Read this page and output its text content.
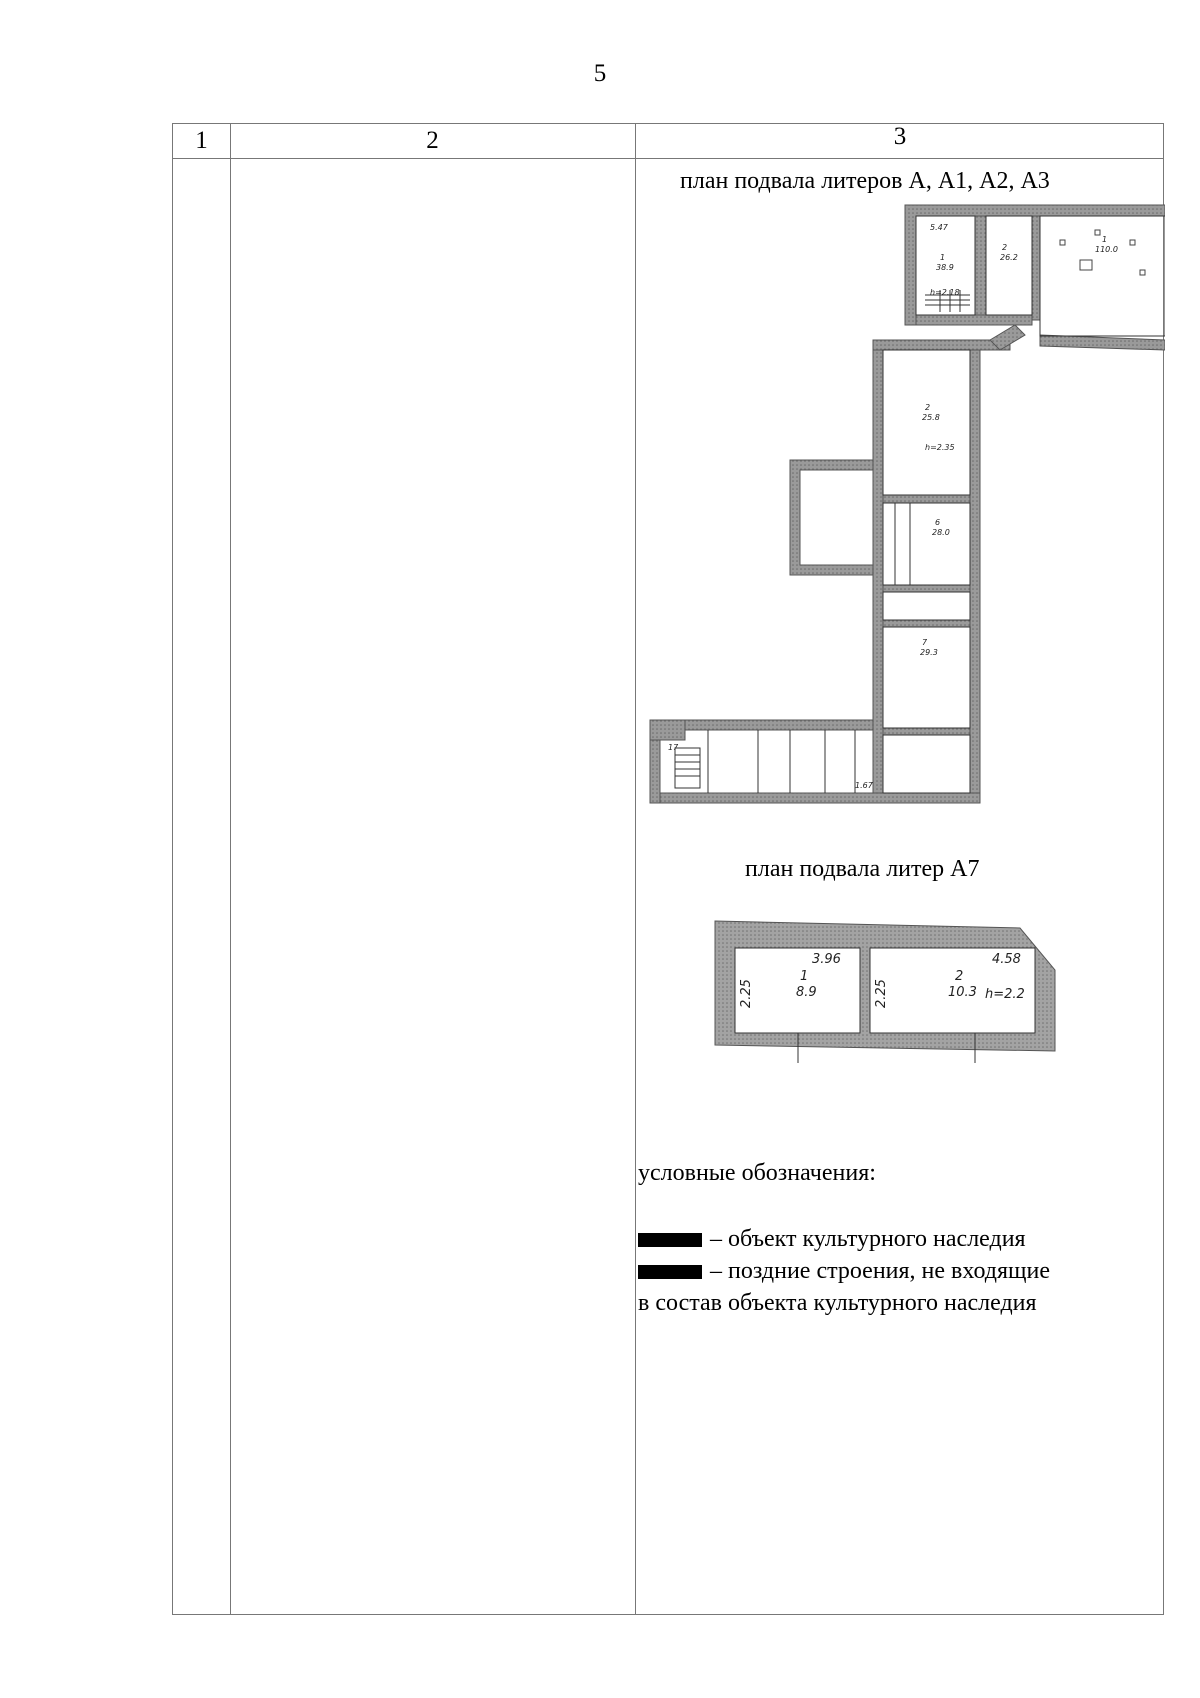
5
1	2	3
план подвала литеров А, А1, А2, А3
5.47
1
38.9
h=2.18
2
26.2
1
110.0
2
25.8
h=2.35
6
28.0
7
29.3
17
1.67
план подвала литер А7
3.96
1
8.9
2.25	2.25
4.58
2
10.3 h=2.2
условные обозначения:
– объект культурного наследия
– поздние строения, не входящие
в состав объекта культурного наследия
